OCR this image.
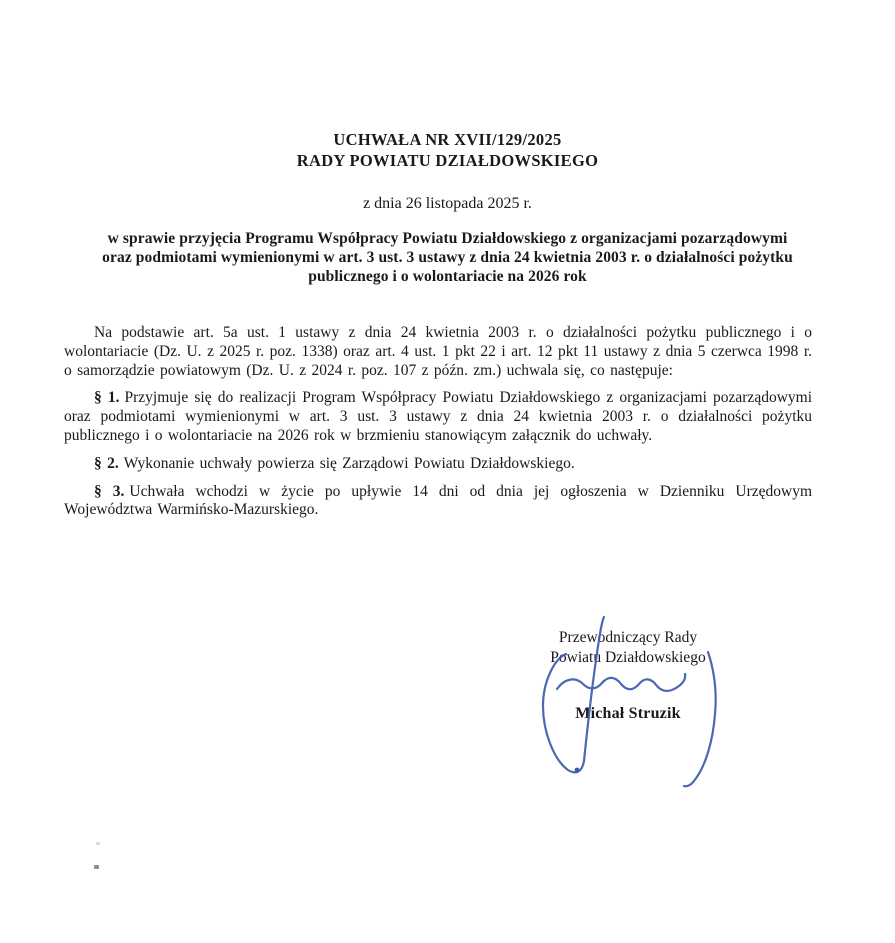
UCHWAŁA NR XVII/129/2025
RADY POWIATU DZIAŁDOWSKIEGO
z dnia 26 listopada 2025 r.
w sprawie przyjęcia Programu Współpracy Powiatu Działdowskiego z organizacjami pozarządowymi
oraz podmiotami wymienionymi w art. 3 ust. 3 ustawy z dnia 24 kwietnia 2003 r. o działalności pożytku
publicznego i o wolontariacie na 2026 rok

Na podstawie art. 5a ust. 1 ustawy z dnia 24 kwietnia 2003 r. o działalności pożytku publicznego i o wolontariacie (Dz. U. z 2025 r. poz. 1338) oraz art. 4 ust. 1 pkt 22 i art. 12 pkt 11 ustawy z dnia 5 czerwca 1998 r. o samorządzie powiatowym (Dz. U. z 2024 r. poz. 107 z późn. zm.) uchwala się, co następuje:

§ 1. Przyjmuje się do realizacji Program Współpracy Powiatu Działdowskiego z organizacjami pozarządowymi oraz podmiotami wymienionymi w art. 3 ust. 3 ustawy z dnia 24 kwietnia 2003 r. o działalności pożytku publicznego i o wolontariacie na 2026 rok w brzmieniu stanowiącym załącznik do uchwały.

§ 2. Wykonanie uchwały powierza się Zarządowi Powiatu Działdowskiego.

§ 3. Uchwała wchodzi w życie po upływie 14 dni od dnia jej ogłoszenia w Dzienniku Urzędowym Województwa Warmińsko-Mazurskiego.

Przewodniczący Rady
Powiatu Działdowskiego
Michał Struzik
